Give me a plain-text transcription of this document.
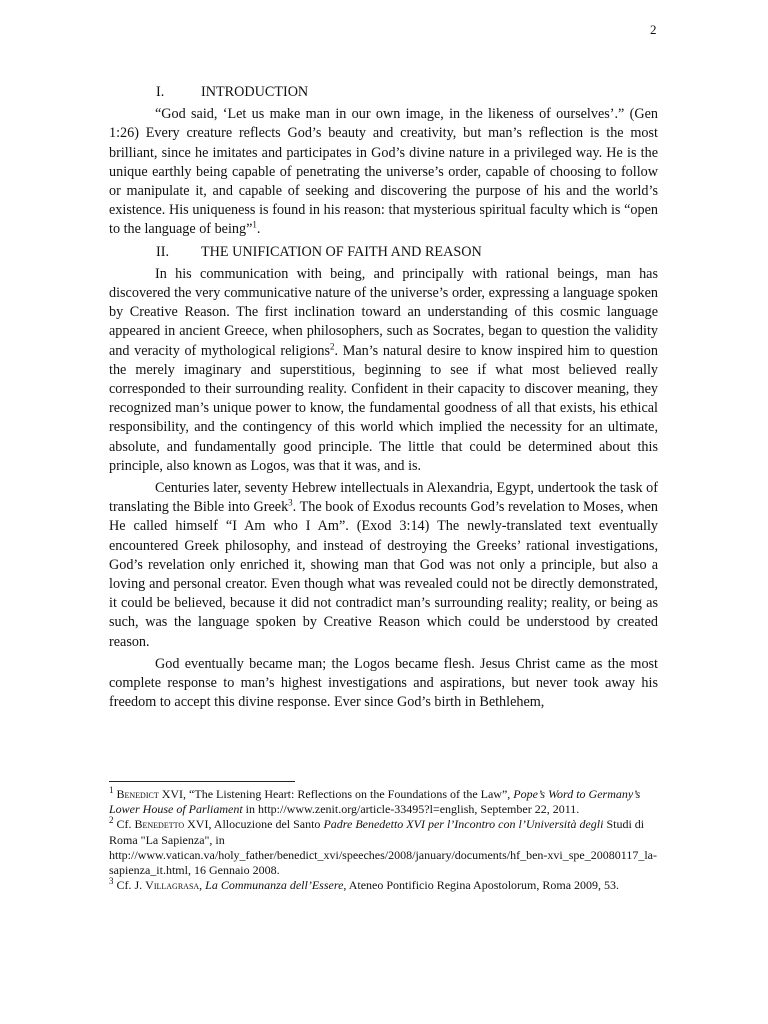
2

I.	INTRODUCTION

“God said, ‘Let us make man in our own image, in the likeness of ourselves’.” (Gen 1:26) Every creature reflects God’s beauty and creativity, but man’s reflection is the most brilliant, since he imitates and participates in God’s divine nature in a privileged way. He is the unique earthly being capable of penetrating the universe’s order, capable of choosing to follow or manipulate it, and capable of seeking and discovering the purpose of his and the world’s existence. His uniqueness is found in his reason: that mysterious spiritual faculty which is “open to the language of being”$^1$.

II. THE UNIFICATION OF FAITH AND REASON

In his communication with being, and principally with rational beings, man has discovered the very communicative nature of the universe’s order, expressing a language spoken by Creative Reason. The first inclination toward an understanding of this cosmic language appeared in ancient Greece, when philosophers, such as Socrates, began to question the validity and veracity of mythological religions$^2$. Man’s natural desire to know inspired him to question the merely imaginary and superstitious, beginning to see if what most believed really corresponded to their surrounding reality. Confident in their capacity to discover meaning, they recognized man’s unique power to know, the fundamental goodness of all that exists, his ethical responsibility, and the contingency of this world which implied the necessity for an ultimate, absolute, and fundamentally good principle. The little that could be determined about this principle, also known as Logos, was that it was, and is.

Centuries later, seventy Hebrew intellectuals in Alexandria, Egypt, undertook the task of translating the Bible into Greek$^3$. The book of Exodus recounts God’s revelation to Moses, when He called himself “I Am who I Am”. (Exod 3:14) The newly-translated text eventually encountered Greek philosophy, and instead of destroying the Greeks’ rational investigations, God’s revelation only enriched it, showing man that God was not only a principle, but also a loving and personal creator. Even though what was revealed could not be directly demonstrated, it could be believed, because it did not contradict man’s surrounding reality; reality, or being as such, was the language spoken by Creative Reason which could be understood by created reason.

God eventually became man; the Logos became flesh. Jesus Christ came as the most complete response to man’s highest investigations and aspirations, but never took away his freedom to accept this divine response. Ever since God’s birth in Bethlehem,

$^1$ Benedict XVI, “The Listening Heart: Reflections on the Foundations of the Law”, Pope’s Word to Germany’s Lower House of Parliament in http://www.zenit.org/article-33495?l=english, September 22, 2011.

$^2$ Cf. Benedetto XVI, Allocuzione del Santo Padre Benedetto XVI per l’Incontro con l’Università degli Studi di Roma "La Sapienza", in http://www.vatican.va/holy_father/benedict_xvi/speeches/2008/january/documents/hf_ben-xvi_spe_20080117_la-sapienza_it.html, 16 Gennaio 2008.

$^3$ Cf. J. Villagrasa, La Communanza dell’Essere, Ateneo Pontificio Regina Apostolorum, Roma 2009, 53.
